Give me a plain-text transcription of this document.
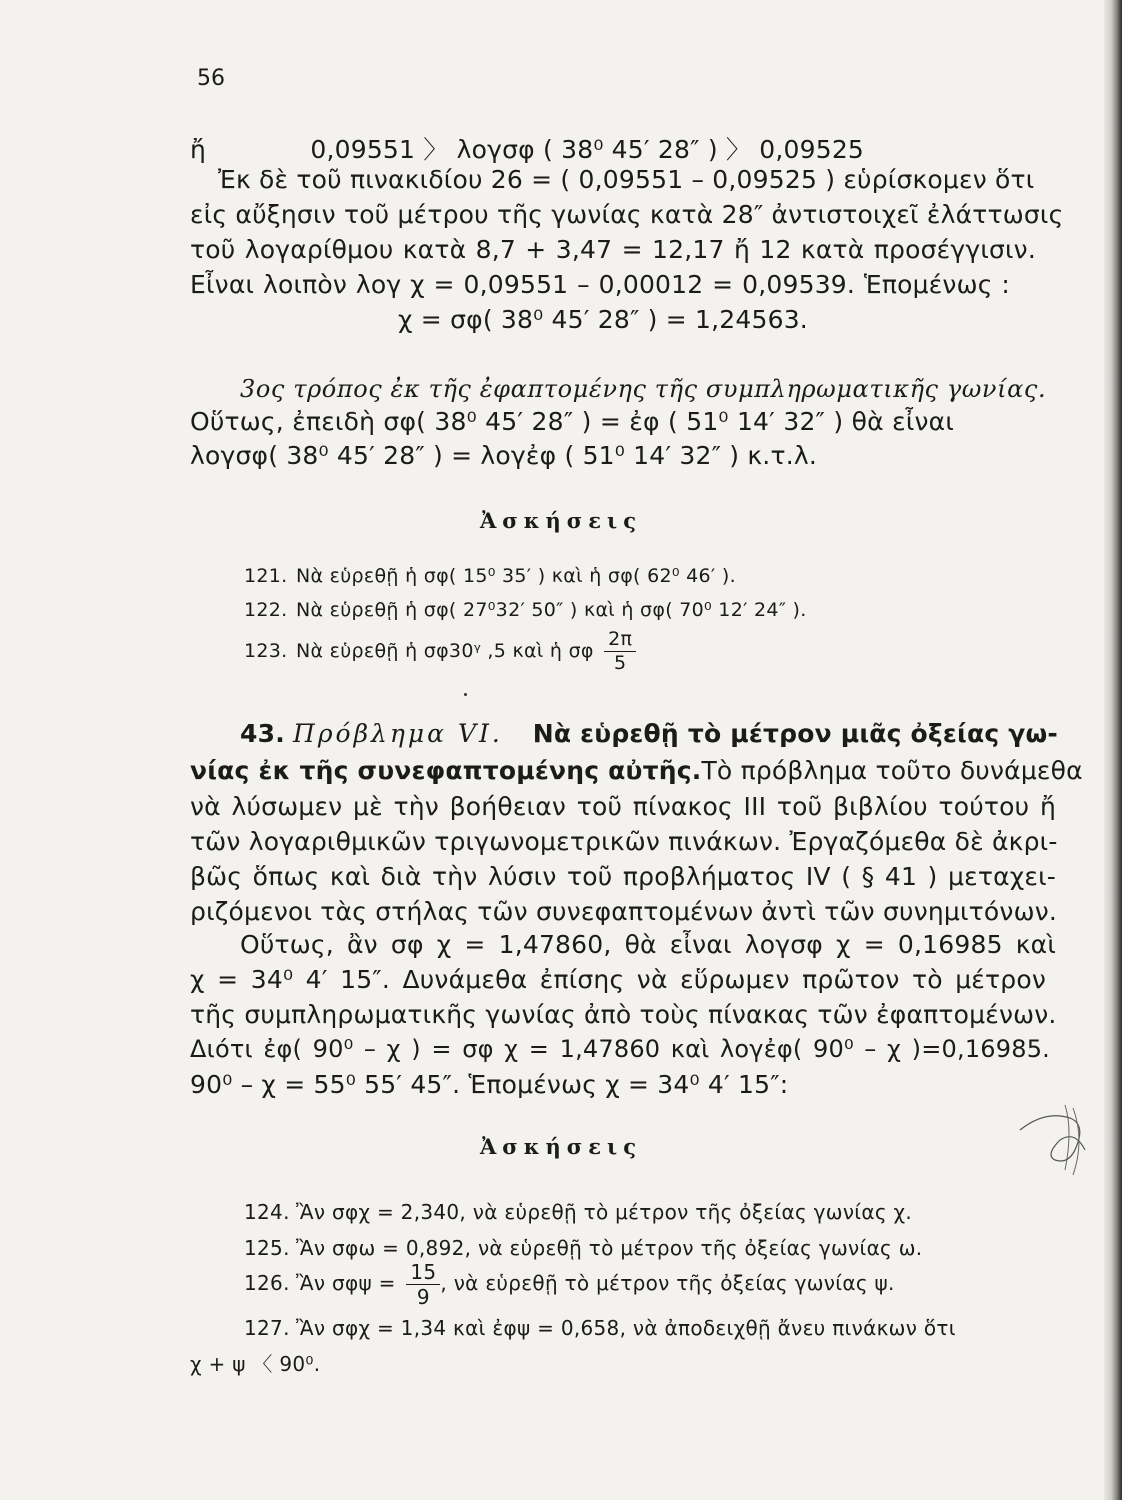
56
ἤ	0,09551 〉 λογσφ ( 38⁰ 45′ 28″ ) 〉 0,09525
Ἐκ δὲ τοῦ πινακιδίου 26 = ( 0,09551 – 0,09525 ) εὑρίσκομεν ὅτι
εἰς αὔξησιν τοῦ μέτρου τῆς γωνίας κατὰ 28″ ἀντιστοιχεῖ ἐλάττωσις
τοῦ λογαρίθμου κατὰ 8,7 + 3,47 = 12,17 ἤ 12 κατὰ προσέγγισιν.
Εἶναι λοιπὸν λογ χ = 0,09551 – 0,00012 = 0,09539. Ἑπομένως :
χ = σφ( 38⁰ 45′ 28″ ) = 1,24563.
3ος τρόπος ἐκ τῆς ἐφαπτομένης τῆς συμπληρωματικῆς γωνίας.
Οὕτως, ἐπειδὴ σφ( 38⁰ 45′ 28″ ) = ἐφ ( 51⁰ 14′ 32″ ) θὰ εἶναι
λογσφ( 38⁰ 45′ 28″ ) = λογἐφ ( 51⁰ 14′ 32″ ) κ.τ.λ.
Ἀσκήσεις
121. Νὰ εὑρεθῇ ἡ σφ( 15⁰ 35′ ) καὶ ἡ σφ( 62⁰ 46′ ).
122. Νὰ εὑρεθῇ ἡ σφ( 27⁰32′ 50″ ) καὶ ἡ σφ( 70⁰ 12′ 24″ ).
123. Νὰ εὑρεθῇ ἡ σφ30ᵞ ,5 καὶ ἡ σφ $\frac{2\pi}{5}$
43. Πρόβλημα VI. Νὰ εὑρεθῇ τὸ μέτρον μιᾶς ὀξείας γω-
νίας ἐκ τῆς συνεφαπτομένης αὐτῆς. Τὸ πρόβλημα τοῦτο δυνάμεθα
νὰ λύσωμεν μὲ τὴν βοήθειαν τοῦ πίνακος III τοῦ βιβλίου τούτου ἤ
τῶν λογαριθμικῶν τριγωνομετρικῶν πινάκων. Ἐργαζόμεθα δὲ ἀκρι-
βῶς ὅπως καὶ διὰ τὴν λύσιν τοῦ προβλήματος IV ( § 41 ) μεταχει-
ριζόμενοι τὰς στήλας τῶν συνεφαπτομένων ἀντὶ τῶν συνημιτόνων.
Οὕτως, ἂν σφ χ = 1,47860, θὰ εἶναι λογσφ χ = 0,16985 καὶ
χ = 34⁰ 4′ 15″. Δυνάμεθα ἐπίσης νὰ εὕρωμεν πρῶτον τὸ μέτρον
τῆς συμπληρωματικῆς γωνίας ἀπὸ τοὺς πίνακας τῶν ἐφαπτομένων.
Διότι ἐφ( 90⁰ – χ ) = σφ χ = 1,47860 καὶ λογἐφ( 90⁰ – χ )=0,16985.
90⁰ – χ = 55⁰ 55′ 45″. Ἑπομένως χ = 34⁰ 4′ 15″:
Ἀσκήσεις
124. Ἂν σφχ = 2,340, νὰ εὑρεθῇ τὸ μέτρον τῆς ὀξείας γωνίας χ.
125. Ἂν σφω = 0,892, νὰ εὑρεθῇ τὸ μέτρον τῆς ὀξείας γωνίας ω.
126. Ἂν $\sigma\varphi\psi = \frac{15}{9}$ , νὰ εὑρεθῇ τὸ μέτρον τῆς ὀξείας γωνίας ψ.
127. Ἂν σφχ = 1,34 καὶ ἐφψ = 0,658, νὰ ἀποδειχθῇ ἄνευ πινάκων ὅτι
χ + ψ 〈 90⁰.
